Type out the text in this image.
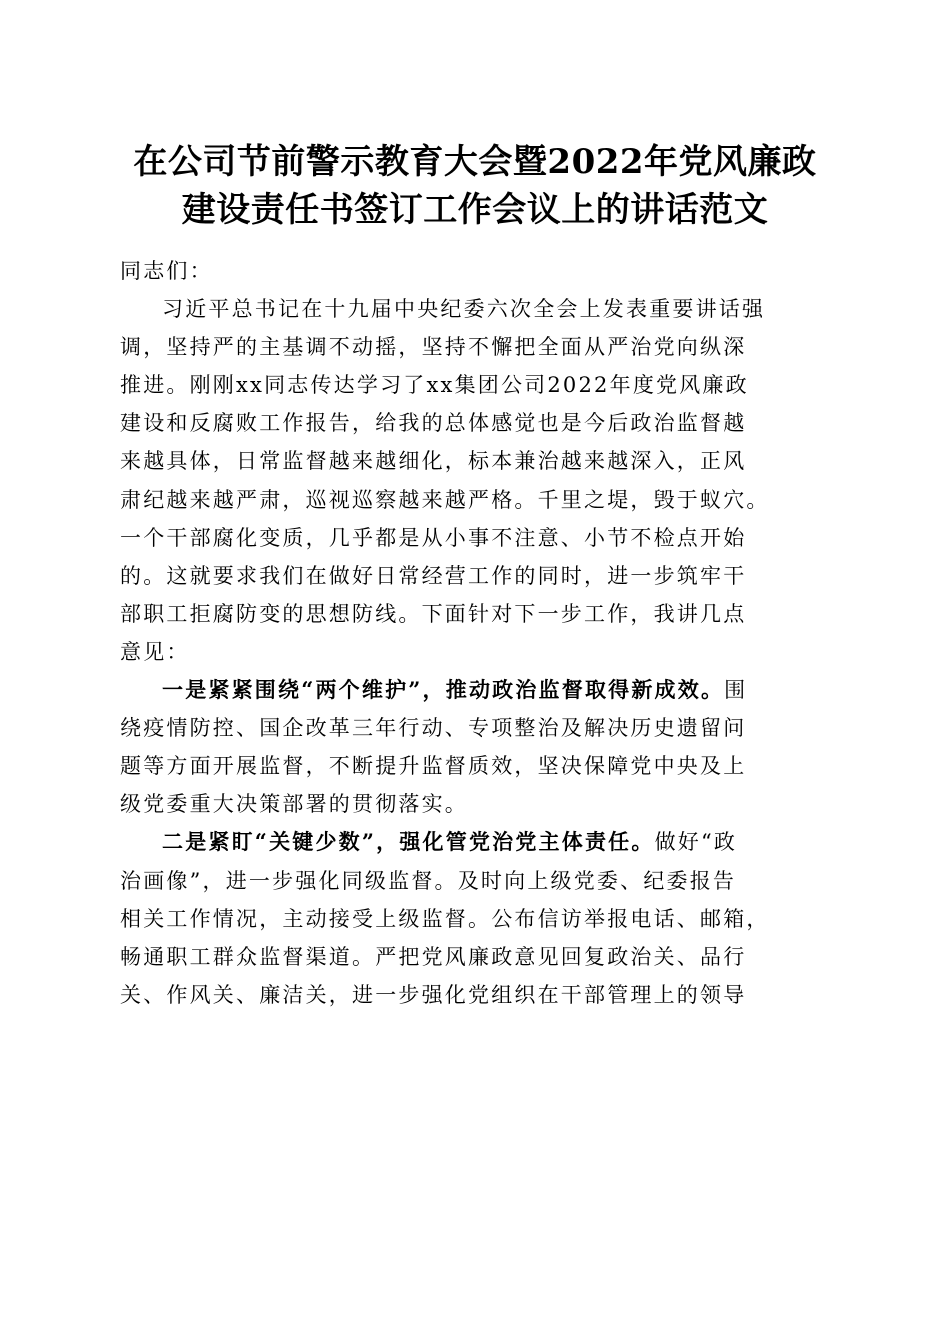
在公司节前警示教育大会暨2022年党风廉政
建设责任书签订工作会议上的讲话范文
同志们：
习近平总书记在十九届中央纪委六次全会上发表重要讲话强
调，坚持严的主基调不动摇，坚持不懈把全面从严治党向纵深
推进。刚刚xx同志传达学习了xx集团公司2022年度党风廉政
建设和反腐败工作报告，给我的总体感觉也是今后政治监督越
来越具体，日常监督越来越细化，标本兼治越来越深入，正风
肃纪越来越严肃，巡视巡察越来越严格。千里之堤，毁于蚁穴。
一个干部腐化变质，几乎都是从小事不注意、小节不检点开始
的。这就要求我们在做好日常经营工作的同时，进一步筑牢干
部职工拒腐防变的思想防线。下面针对下一步工作，我讲几点
意见：
一是紧紧围绕“两个维护”，推动政治监督取得新成效。围
绕疫情防控、国企改革三年行动、专项整治及解决历史遗留问
题等方面开展监督，不断提升监督质效，坚决保障党中央及上
级党委重大决策部署的贯彻落实。
二是紧盯“关键少数”，强化管党治党主体责任。做好“政
治画像”，进一步强化同级监督。及时向上级党委、纪委报告
相关工作情况，主动接受上级监督。公布信访举报电话、邮箱，
畅通职工群众监督渠道。严把党风廉政意见回复政治关、品行
关、作风关、廉洁关，进一步强化党组织在干部管理上的领导
